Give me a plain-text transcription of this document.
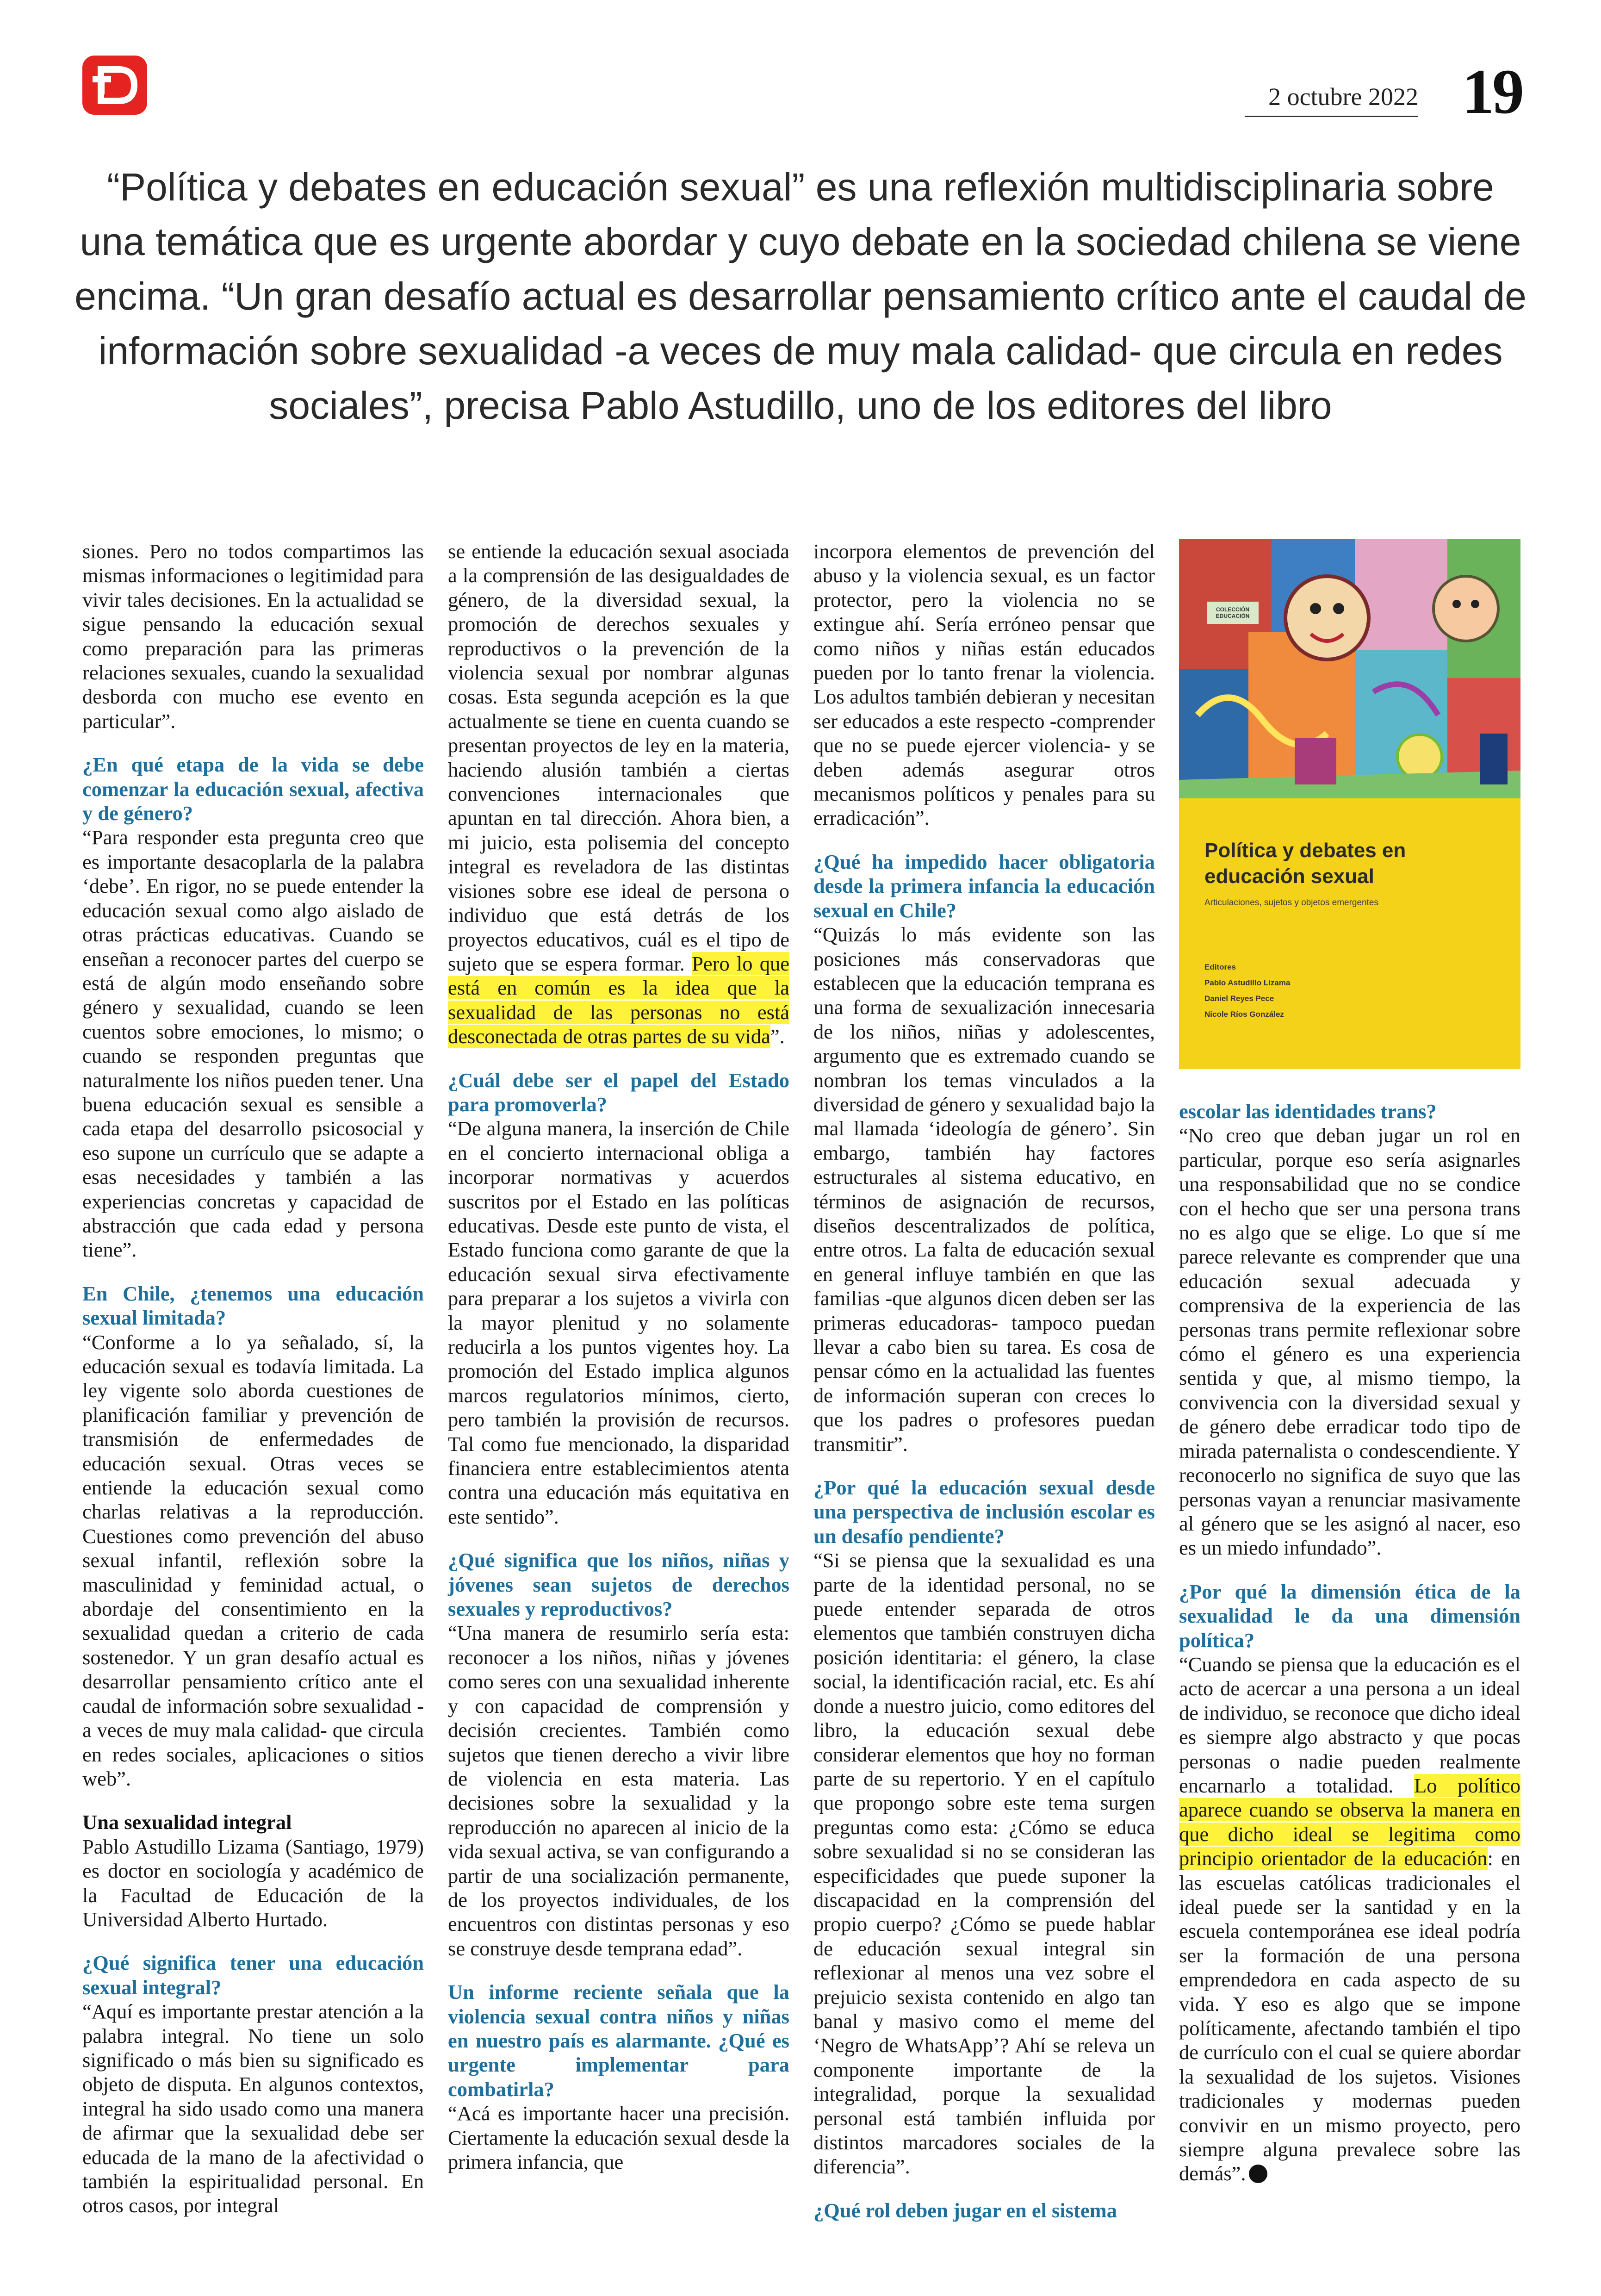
2 octubre 2022 19
“Política y debates en educación sexual” es una reflexión multidisciplinaria sobre una temática que es urgente abordar y cuyo debate en la sociedad chilena se viene encima. “Un gran desafío actual es desarrollar pensamiento crítico ante el caudal de información sobre sexualidad -a veces de muy mala calidad- que circula en redes sociales”, precisa Pablo Astudillo, uno de los editores del libro

siones. Pero no todos compartimos las mismas informaciones o legitimidad para vivir tales decisiones. En la actualidad se sigue pensando la educación sexual como preparación para las primeras relaciones sexuales, cuando la sexualidad desborda con mucho ese evento en particular”.

¿En qué etapa de la vida se debe comenzar la educación sexual, afectiva y de género?

“Para responder esta pregunta creo que es importante desacoplarla de la palabra ‘debe’. En rigor, no se puede entender la educación sexual como algo aislado de otras prácticas educativas. Cuando se enseñan a reconocer partes del cuerpo se está de algún modo enseñando sobre género y sexualidad, cuando se leen cuentos sobre emociones, lo mismo; o cuando se responden preguntas que naturalmente los niños pueden tener. Una buena educación sexual es sensible a cada etapa del desarrollo psicosocial y eso supone un currículo que se adapte a esas necesidades y también a las experiencias concretas y capacidad de abstracción que cada edad y persona tiene”.

En Chile, ¿tenemos una educación sexual limitada?

“Conforme a lo ya señalado, sí, la educación sexual es todavía limitada. La ley vigente solo aborda cuestiones de planificación familiar y prevención de transmisión de enfermedades de educación sexual. Otras veces se entiende la educación sexual como charlas relativas a la reproducción. Cuestiones como prevención del abuso sexual infantil, reflexión sobre la masculinidad y feminidad actual, o abordaje del consentimiento en la sexualidad quedan a criterio de cada sostenedor. Y un gran desafío actual es desarrollar pensamiento crítico ante el caudal de información sobre sexualidad -a veces de muy mala calidad- que circula en redes sociales, aplicaciones o sitios web”.

Una sexualidad integral

Pablo Astudillo Lizama (Santiago, 1979) es doctor en sociología y académico de la Facultad de Educación de la Universidad Alberto Hurtado.

¿Qué significa tener una educación sexual integral?

“Aquí es importante prestar atención a la palabra integral. No tiene un solo significado o más bien su significado es objeto de disputa. En algunos contextos, integral ha sido usado como una manera de afirmar que la sexualidad debe ser educada de la mano de la afectividad o también la espiritualidad personal. En otros casos, por integral

se entiende la educación sexual asociada a la comprensión de las desigualdades de género, de la diversidad sexual, la promoción de derechos sexuales y reproductivos o la prevención de la violencia sexual por nombrar algunas cosas. Esta segunda acepción es la que actualmente se tiene en cuenta cuando se presentan proyectos de ley en la materia, haciendo alusión también a ciertas convenciones internacionales que apuntan en tal dirección. Ahora bien, a mi juicio, esta polisemia del concepto integral es reveladora de las distintas visiones sobre ese ideal de persona o individuo que está detrás de los proyectos educativos, cuál es el tipo de sujeto que se espera formar. Pero lo que está en común es la idea que la sexualidad de las personas no está desconectada de otras partes de su vida”.

¿Cuál debe ser el papel del Estado para promoverla?

“De alguna manera, la inserción de Chile en el concierto internacional obliga a incorporar normativas y acuerdos suscritos por el Estado en las políticas educativas. Desde este punto de vista, el Estado funciona como garante de que la educación sexual sirva efectivamente para preparar a los sujetos a vivirla con la mayor plenitud y no solamente reducirla a los puntos vigentes hoy. La promoción del Estado implica algunos marcos regulatorios mínimos, cierto, pero también la provisión de recursos. Tal como fue mencionado, la disparidad financiera entre establecimientos atenta contra una educación más equitativa en este sentido”.

¿Qué significa que los niños, niñas y jóvenes sean sujetos de derechos sexuales y reproductivos?

“Una manera de resumirlo sería esta: reconocer a los niños, niñas y jóvenes como seres con una sexualidad inherente y con capacidad de comprensión y decisión crecientes. También como sujetos que tienen derecho a vivir libre de violencia en esta materia. Las decisiones sobre la sexualidad y la reproducción no aparecen al inicio de la vida sexual activa, se van configurando a partir de una socialización permanente, de los proyectos individuales, de los encuentros con distintas personas y eso se construye desde temprana edad”.

Un informe reciente señala que la violencia sexual contra niños y niñas en nuestro país es alarmante. ¿Qué es urgente implementar para combatirla?

“Acá es importante hacer una precisión. Ciertamente la educación sexual desde la primera infancia, que

incorpora elementos de prevención del abuso y la violencia sexual, es un factor protector, pero la violencia no se extingue ahí. Sería erróneo pensar que como niños y niñas están educados pueden por lo tanto frenar la violencia. Los adultos también debieran y necesitan ser educados a este respecto -comprender que no se puede ejercer violencia- y se deben además asegurar otros mecanismos políticos y penales para su erradicación”.

¿Qué ha impedido hacer obligatoria desde la primera infancia la educación sexual en Chile?

“Quizás lo más evidente son las posiciones más conservadoras que establecen que la educación temprana es una forma de sexualización innecesaria de los niños, niñas y adolescentes, argumento que es extremado cuando se nombran los temas vinculados a la diversidad de género y sexualidad bajo la mal llamada ‘ideología de género’. Sin embargo, también hay factores estructurales al sistema educativo, en términos de asignación de recursos, diseños descentralizados de política, entre otros. La falta de educación sexual en general influye también en que las familias -que algunos dicen deben ser las primeras educadoras- tampoco puedan llevar a cabo bien su tarea. Es cosa de pensar cómo en la actualidad las fuentes de información superan con creces lo que los padres o profesores puedan transmitir”.

¿Por qué la educación sexual desde una perspectiva de inclusión escolar es un desafío pendiente?

“Si se piensa que la sexualidad es una parte de la identidad personal, no se puede entender separada de otros elementos que también construyen dicha posición identitaria: el género, la clase social, la identificación racial, etc. Es ahí donde a nuestro juicio, como editores del libro, la educación sexual debe considerar elementos que hoy no forman parte de su repertorio. Y en el capítulo que propongo sobre este tema surgen preguntas como esta: ¿Cómo se educa sobre sexualidad si no se consideran las especificidades que puede suponer la discapacidad en la comprensión del propio cuerpo? ¿Cómo se puede hablar de educación sexual integral sin reflexionar al menos una vez sobre el prejuicio sexista contenido en algo tan banal y masivo como el meme del ‘Negro de WhatsApp’? Ahí se releva un componente importante de la integralidad, porque la sexualidad personal está también influida por distintos marcadores sociales de la diferencia”.

¿Qué rol deben jugar en el sistema
COLECCIÓN EDUCACIÓN
Política y debates en educación sexual
Articulaciones, sujetos y objetos emergentes
Editores
Pablo Astudillo Lizama
Daniel Reyes Pece
Nicole Ríos González
escolar las identidades trans?

“No creo que deban jugar un rol en particular, porque eso sería asignarles una responsabilidad que no se condice con el hecho que ser una persona trans no es algo que se elige. Lo que sí me parece relevante es comprender que una educación sexual adecuada y comprensiva de la experiencia de las personas trans permite reflexionar sobre cómo el género es una experiencia sentida y que, al mismo tiempo, la convivencia con la diversidad sexual y de género debe erradicar todo tipo de mirada paternalista o condescendiente. Y reconocerlo no significa de suyo que las personas vayan a renunciar masivamente al género que se les asignó al nacer, eso es un miedo infundado”.

¿Por qué la dimensión ética de la sexualidad le da una dimensión política?

“Cuando se piensa que la educación es el acto de acercar a una persona a un ideal de individuo, se reconoce que dicho ideal es siempre algo abstracto y que pocas personas o nadie pueden realmente encarnarlo a totalidad. Lo político aparece cuando se observa la manera en que dicho ideal se legitima como principio orientador de la educación: en las escuelas católicas tradicionales el ideal puede ser la santidad y en la escuela contemporánea ese ideal podría ser la formación de una persona emprendedora en cada aspecto de su vida. Y eso es algo que se impone políticamente, afectando también el tipo de currículo con el cual se quiere abordar la sexualidad de los sujetos. Visiones tradicionales y modernas pueden convivir en un mismo proyecto, pero siempre alguna prevalece sobre las demás”.
